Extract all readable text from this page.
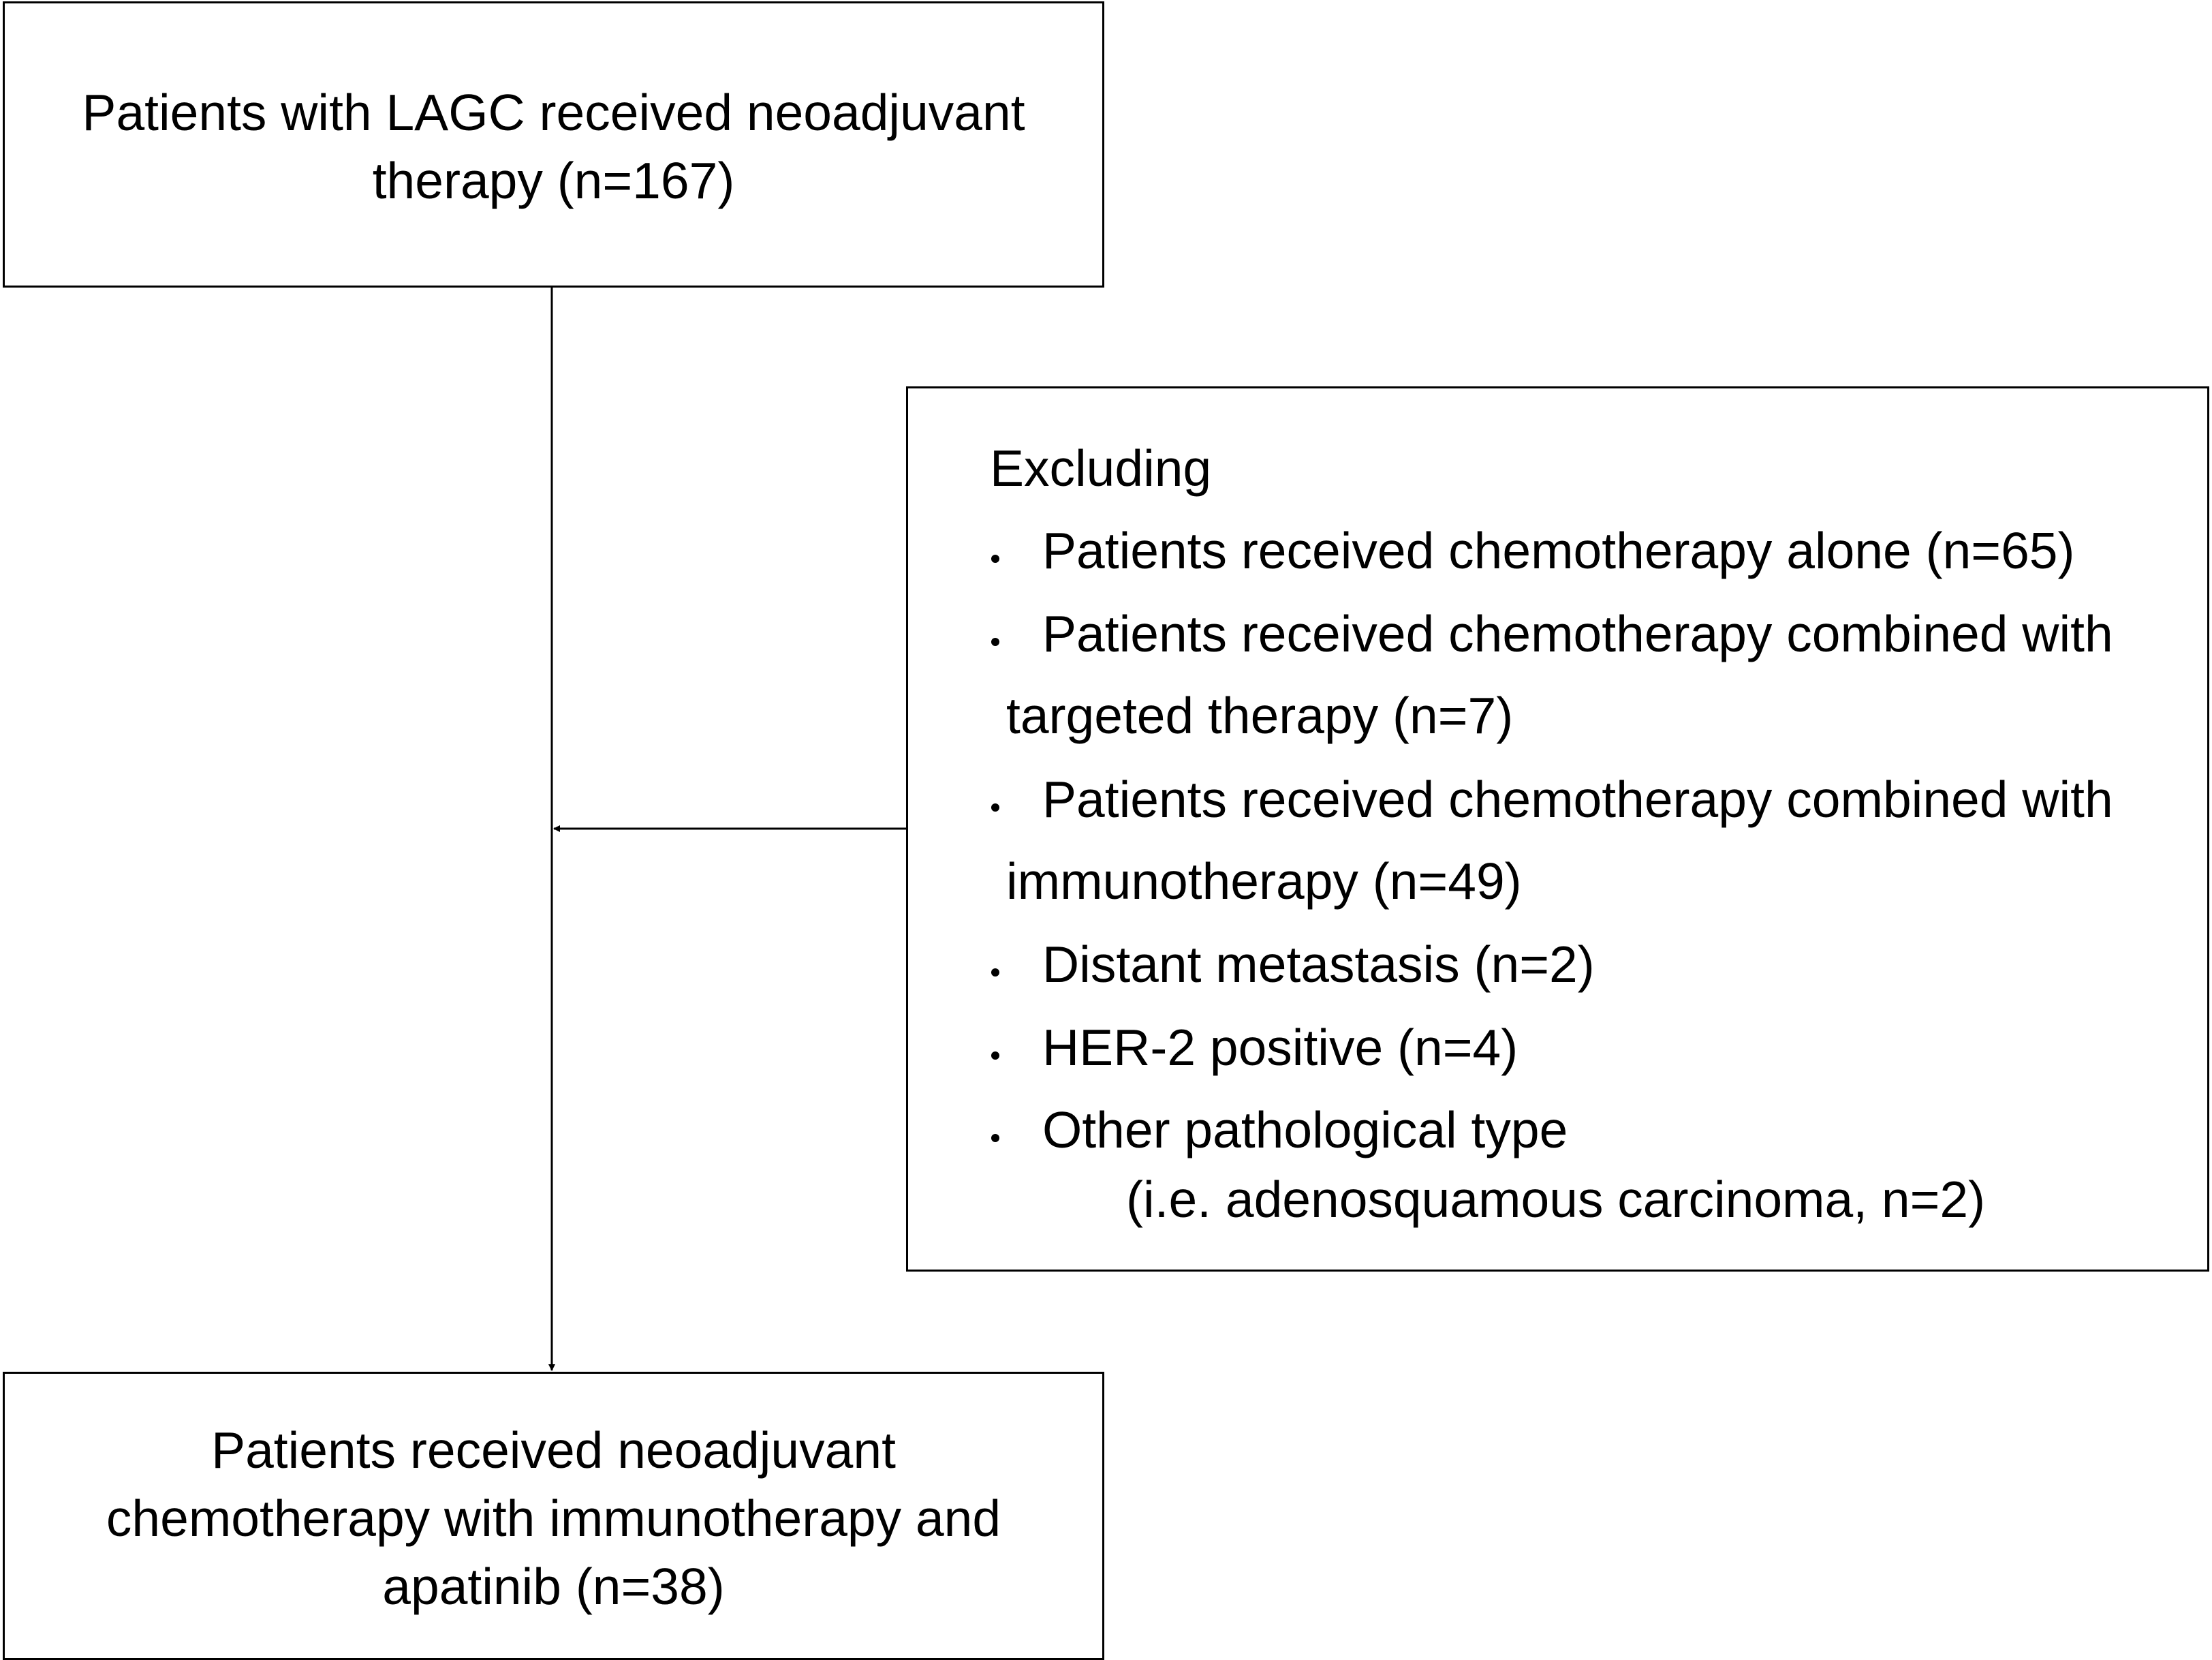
Patients with LAGC received neoadjuvant
therapy (n=167)
Excluding
Patients received chemotherapy alone (n=65)
Patients received chemotherapy combined with
targeted therapy (n=7)
Patients received chemotherapy combined with
immunotherapy (n=49)
Distant metastasis (n=2)
HER-2 positive (n=4)
Other pathological type
(i.e. adenosquamous carcinoma, n=2)
Patients received neoadjuvant
chemotherapy with immunotherapy and
apatinib (n=38)
